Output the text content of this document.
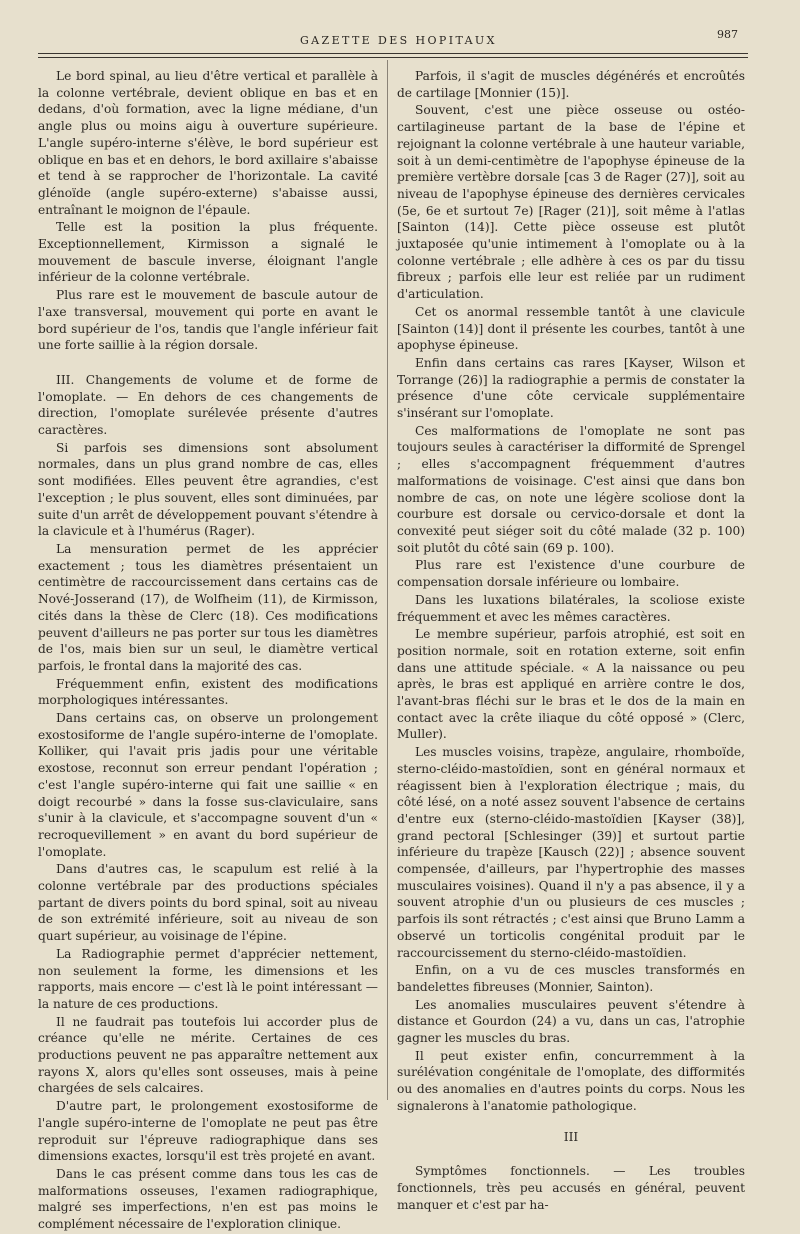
GAZETTE DES HOPITAUX	987

Le bord spinal, au lieu d'être vertical et parallèle à la colonne vertébrale, devient oblique en bas et en dedans, d'où formation, avec la ligne médiane, d'un angle plus ou moins aigu à ouverture supérieure. L'angle supéro-interne s'élève, le bord supérieur est oblique en bas et en dehors, le bord axillaire s'abaisse et tend à se rapprocher de l'horizontale. La cavité glénoïde (angle supéro-externe) s'abaisse aussi, entraînant le moignon de l'épaule.

Telle est la position la plus fréquente. Exceptionnellement, Kirmisson a signalé le mouvement de bascule inverse, éloignant l'angle inférieur de la colonne vertébrale.

Plus rare est le mouvement de bascule autour de l'axe transversal, mouvement qui porte en avant le bord supérieur de l'os, tandis que l'angle inférieur fait une forte saillie à la région dorsale.

III. Changements de volume et de forme de l'omoplate. — En dehors de ces changements de direction, l'omoplate surélevée présente d'autres caractères.

Si parfois ses dimensions sont absolument normales, dans un plus grand nombre de cas, elles sont modifiées. Elles peuvent être agrandies, c'est l'exception ; le plus souvent, elles sont diminuées, par suite d'un arrêt de développement pouvant s'étendre à la clavicule et à l'humérus (Rager).

La mensuration permet de les apprécier exactement ; tous les diamètres présentaient un centimètre de raccourcissement dans certains cas de Nové-Josserand (17), de Wolfheim (11), de Kirmisson, cités dans la thèse de Clerc (18). Ces modifications peuvent d'ailleurs ne pas porter sur tous les diamètres de l'os, mais bien sur un seul, le diamètre vertical parfois, le frontal dans la majorité des cas.

Fréquemment enfin, existent des modifications morphologiques intéressantes.

Dans certains cas, on observe un prolongement exostosiforme de l'angle supéro-interne de l'omoplate. Kolliker, qui l'avait pris jadis pour une véritable exostose, reconnut son erreur pendant l'opération ; c'est l'angle supéro-interne qui fait une saillie « en doigt recourbé » dans la fosse sus-claviculaire, sans s'unir à la clavicule, et s'accompagne souvent d'un « recroquevillement » en avant du bord supérieur de l'omoplate.

Dans d'autres cas, le scapulum est relié à la colonne vertébrale par des productions spéciales partant de divers points du bord spinal, soit au niveau de son extrémité inférieure, soit au niveau de son quart supérieur, au voisinage de l'épine.

La Radiographie permet d'apprécier nettement, non seulement la forme, les dimensions et les rapports, mais encore — c'est là le point intéressant — la nature de ces productions.

Il ne faudrait pas toutefois lui accorder plus de créance qu'elle ne mérite. Certaines de ces productions peuvent ne pas apparaître nettement aux rayons X, alors qu'elles sont osseuses, mais à peine chargées de sels calcaires.

D'autre part, le prolongement exostosiforme de l'angle supéro-interne de l'omoplate ne peut pas être reproduit sur l'épreuve radiographique dans ses dimensions exactes, lorsqu'il est très projeté en avant.

Dans le cas présent comme dans tous les cas de malformations osseuses, l'examen radiographique, malgré ses imperfections, n'en est pas moins le complément nécessaire de l'exploration clinique.

Parfois, il s'agit de muscles dégénérés et encroûtés de cartilage [Monnier (15)].

Souvent, c'est une pièce osseuse ou ostéo-cartilagineuse partant de la base de l'épine et rejoignant la colonne vertébrale à une hauteur variable, soit à un demi-centimètre de l'apophyse épineuse de la première vertèbre dorsale [cas 3 de Rager (27)], soit au niveau de l'apophyse épineuse des dernières cervicales (5e, 6e et surtout 7e) [Rager (21)], soit même à l'atlas [Sainton (14)]. Cette pièce osseuse est plutôt juxtaposée qu'unie intimement à l'omoplate ou à la colonne vertébrale ; elle adhère à ces os par du tissu fibreux ; parfois elle leur est reliée par un rudiment d'articulation.

Cet os anormal ressemble tantôt à une clavicule [Sainton (14)] dont il présente les courbes, tantôt à une apophyse épineuse.

Enfin dans certains cas rares [Kayser, Wilson et Torrange (26)] la radiographie a permis de constater la présence d'une côte cervicale supplémentaire s'insérant sur l'omoplate.

Ces malformations de l'omoplate ne sont pas toujours seules à caractériser la difformité de Sprengel ; elles s'accompagnent fréquemment d'autres malformations de voisinage. C'est ainsi que dans bon nombre de cas, on note une légère scoliose dont la courbure est dorsale ou cervico-dorsale et dont la convexité peut siéger soit du côté malade (32 p. 100) soit plutôt du côté sain (69 p. 100).

Plus rare est l'existence d'une courbure de compensation dorsale inférieure ou lombaire.

Dans les luxations bilatérales, la scoliose existe fréquemment et avec les mêmes caractères.

Le membre supérieur, parfois atrophié, est soit en position normale, soit en rotation externe, soit enfin dans une attitude spéciale. « A la naissance ou peu après, le bras est appliqué en arrière contre le dos, l'avant-bras fléchi sur le bras et le dos de la main en contact avec la crête iliaque du côté opposé » (Clerc, Muller).

Les muscles voisins, trapèze, angulaire, rhomboïde, sterno-cléido-mastoïdien, sont en général normaux et réagissent bien à l'exploration électrique ; mais, du côté lésé, on a noté assez souvent l'absence de certains d'entre eux (sterno-cléido-mastoïdien [Kayser (38)], grand pectoral [Schlesinger (39)] et surtout partie inférieure du trapèze [Kausch (22)] ; absence souvent compensée, d'ailleurs, par l'hypertrophie des masses musculaires voisines). Quand il n'y a pas absence, il y a souvent atrophie d'un ou plusieurs de ces muscles ; parfois ils sont rétractés ; c'est ainsi que Bruno Lamm a observé un torticolis congénital produit par le raccourcissement du sterno-cléido-mastoïdien.

Enfin, on a vu de ces muscles transformés en bandelettes fibreuses (Monnier, Sainton).

Les anomalies musculaires peuvent s'étendre à distance et Gourdon (24) a vu, dans un cas, l'atrophie gagner les muscles du bras.

Il peut exister enfin, concurremment à la surélévation congénitale de l'omoplate, des difformités ou des anomalies en d'autres points du corps. Nous les signalerons à l'anatomie pathologique.

III

Symptômes fonctionnels. — Les troubles fonctionnels, très peu accusés en général, peuvent manquer et c'est par ha-
